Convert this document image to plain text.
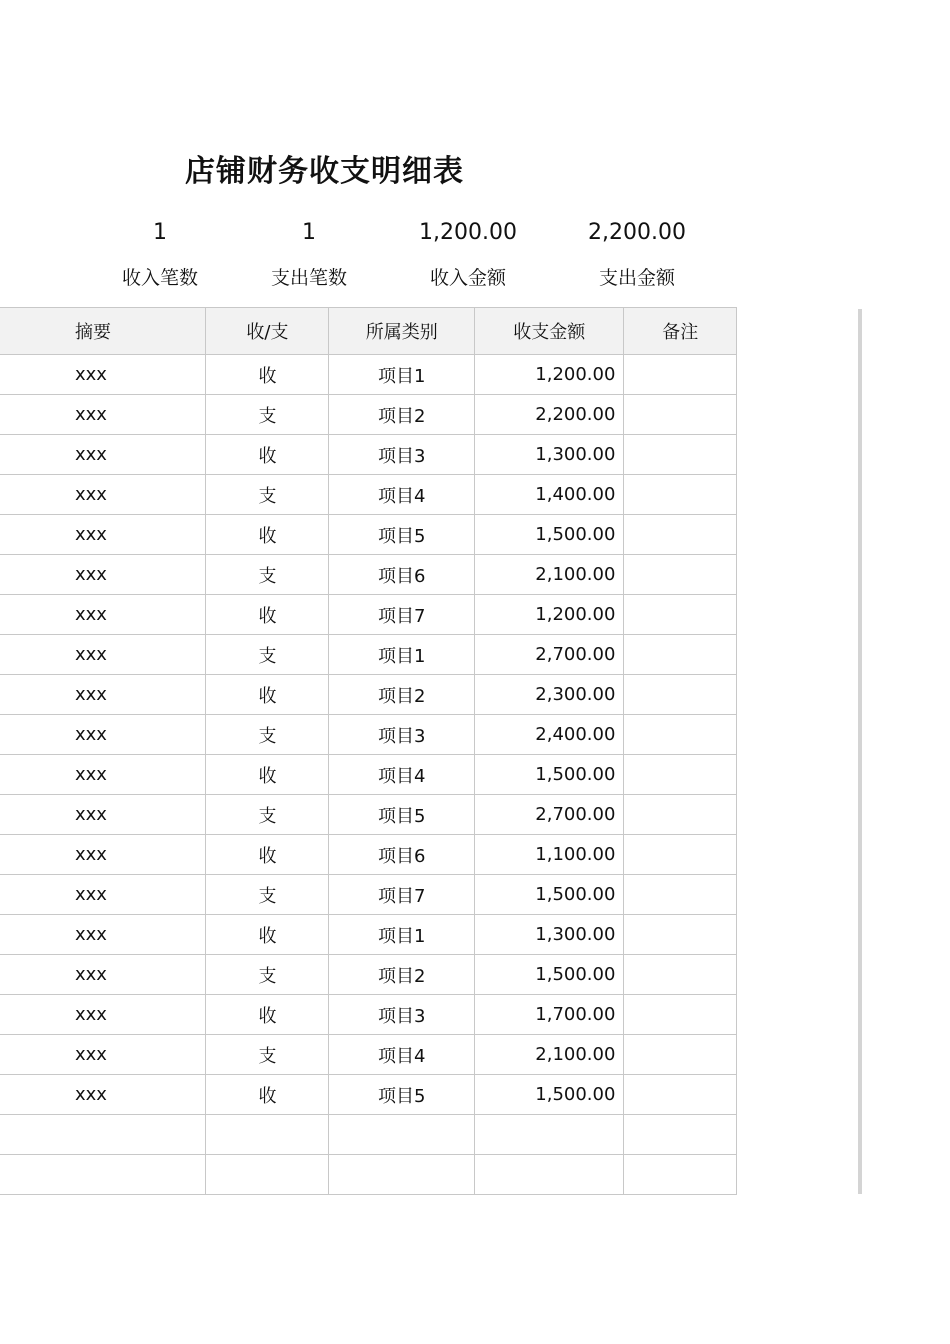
店铺财务收支明细表
1
收入笔数
1
支出笔数
1,200.00
收入金额
2,200.00
支出金额
摘要	收/支	所属类别	收支金额	备注
xxx	收	项目1	1,200.00	
xxx	支	项目2	2,200.00	
xxx	收	项目3	1,300.00	
xxx	支	项目4	1,400.00	
xxx	收	项目5	1,500.00	
xxx	支	项目6	2,100.00	
xxx	收	项目7	1,200.00	
xxx	支	项目1	2,700.00	
xxx	收	项目2	2,300.00	
xxx	支	项目3	2,400.00	
xxx	收	项目4	1,500.00	
xxx	支	项目5	2,700.00	
xxx	收	项目6	1,100.00	
xxx	支	项目7	1,500.00	
xxx	收	项目1	1,300.00	
xxx	支	项目2	1,500.00	
xxx	收	项目3	1,700.00	
xxx	支	项目4	2,100.00	
xxx	收	项目5	1,500.00	
